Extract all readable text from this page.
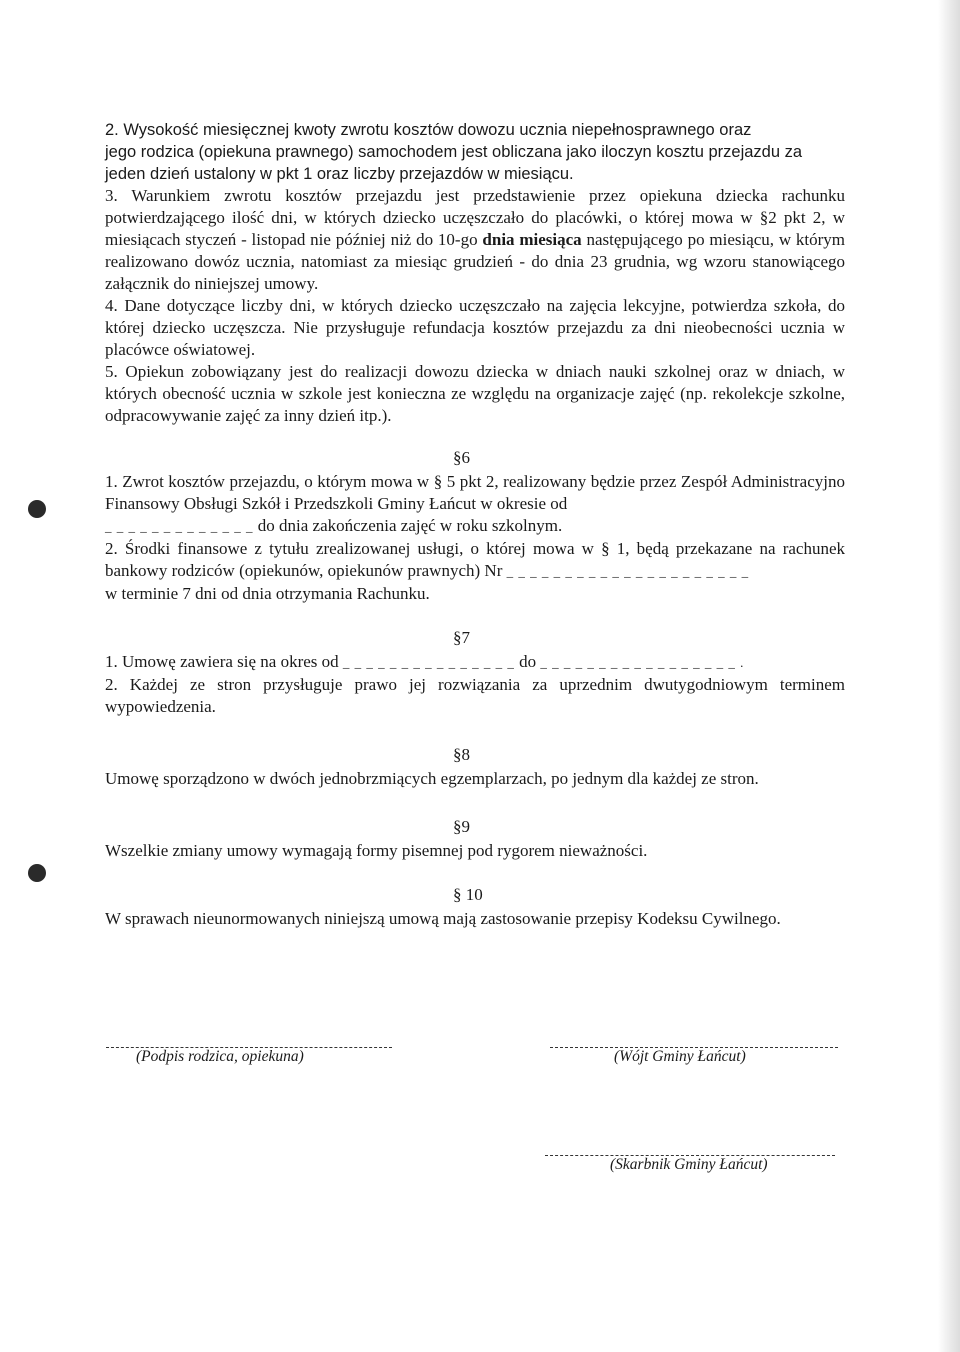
2. Wysokość miesięcznej kwoty zwrotu kosztów dowozu ucznia niepełnosprawnego oraz
jego rodzica (opiekuna prawnego) samochodem jest obliczana jako iloczyn kosztu przejazdu za
jeden dzień ustalony w pkt 1 oraz liczby przejazdów w miesiącu.

3. Warunkiem zwrotu kosztów przejazdu jest przedstawienie przez opiekuna dziecka rachunku potwierdzającego ilość dni, w których dziecko uczęszczało do placówki, o której mowa w §2 pkt 2, w miesiącach styczeń - listopad nie później niż do 10-go dnia miesiąca następującego po miesiącu, w którym realizowano dowóz ucznia, natomiast za miesiąc grudzień - do dnia 23 grudnia, wg wzoru stanowiącego załącznik do niniejszej umowy.

4. Dane dotyczące liczby dni, w których dziecko uczęszczało na zajęcia lekcyjne, potwierdza szkoła, do której dziecko uczęszcza. Nie przysługuje refundacja kosztów przejazdu za dni nieobecności ucznia w placówce oświatowej.

5. Opiekun zobowiązany jest do realizacji dowozu dziecka w dniach nauki szkolnej oraz w dniach, w których obecność ucznia w szkole jest konieczna ze względu na organizacje zajęć (np. rekolekcje szkolne, odpracowywanie zajęć za inny dzień itp.).

§6

1. Zwrot kosztów przejazdu, o którym mowa w § 5 pkt 2, realizowany będzie przez Zespół Administracyjno Finansowy Obsługi Szkół i Przedszkoli Gminy Łańcut w okresie od
_ _ _ _ _ _ _ _ _ _ _ _ _ do dnia zakończenia zajęć w roku szkolnym.

2. Środki finansowe z tytułu zrealizowanej usługi, o której mowa w § 1, będą przekazane na rachunek bankowy rodziców (opiekunów, opiekunów prawnych) Nr _ _ _ _ _ _ _ _ _ _ _ _ _ _ _ _ _ _ _ _ _
w terminie 7 dni od dnia otrzymania Rachunku.

§7

1. Umowę zawiera się na okres od _ _ _ _ _ _ _ _ _ _ _ _ _ _ _ do _ _ _ _ _ _ _ _ _ _ _ _ _ _ _ _ _ .

2. Każdej ze stron przysługuje prawo jej rozwiązania za uprzednim dwutygodniowym terminem wypowiedzenia.

§8

Umowę sporządzono w dwóch jednobrzmiących egzemplarzach, po jednym dla każdej ze stron.

§9

Wszelkie zmiany umowy wymagają formy pisemnej pod rygorem nieważności.

§ 10

W sprawach nieunormowanych niniejszą umową mają zastosowanie przepisy Kodeksu Cywilnego.

(Podpis rodzica, opiekuna)	(Wójt Gminy Łańcut)
(Skarbnik Gminy Łańcut)
